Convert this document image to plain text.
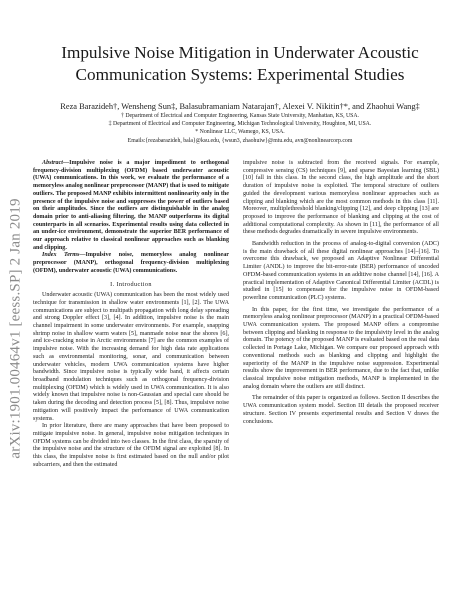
arXiv:1901.00464v1 [eess.SP] 2 Jan 2019
Impulsive Noise Mitigation in Underwater Acoustic
Communication Systems: Experimental Studies
Reza Barazideh†, Wensheng Sun‡, Balasubramaniam Natarajan†, Alexei V. Nikitin†*, and Zhaohui Wang‡
† Department of Electrical and Computer Engineering, Kansas State University, Manhattan, KS, USA.
‡ Department of Electrical and Computer Engineering, Michigan Technological University, Houghton, MI, USA.
* Nonlinear LLC, Wamego, KS, USA.
Emails:{rezabarazideh, bala}@ksu.edu, {wsun3, zhaohuiw}@mtu.edu, avn@nonlinearcorp.com

Abstract—Impulsive noise is a major impediment to orthogonal frequency-division multiplexing (OFDM) based underwater acoustic (UWA) communications. In this work, we evaluate the performance of a memoryless analog nonlinear preprocessor (MANP) that is used to mitigate outliers. The proposed MANP exhibits intermittent nonlinearity only in the presence of the impulsive noise and suppresses the power of outliers based on their amplitudes. Since the outliers are distinguishable in the analog domain prior to anti-aliasing filtering, the MANP outperforms its digital counterparts in all scenarios. Experimental results using data collected in an under-ice environment, demonstrate the superior BER performance of our approach relative to classical nonlinear approaches such as blanking and clipping.

Index Terms—Impulsive noise, memoryless analog nonlinear preprocessor (MANP), orthogonal frequency-division multiplexing (OFDM), underwater acoustic (UWA) communications.

I. Introduction

Underwater acoustic (UWA) communication has been the most widely used technique for transmission in shallow water environments [1], [2]. The UWA communications are subject to multipath propagation with long delay spreading and strong Doppler effect [3], [4]. In addition, impulsive noise is the main channel impairment in some underwater environments. For example, snapping shrimp noise in shallow warm waters [5], manmade noise near the shores [6], and ice-cracking noise in Arctic environments [7] are the common examples of impulsive noise. With the increasing demand for high data rate applications such as environmental monitoring, sonar, and communication between underwater vehicles, modern UWA communication systems have higher bandwidth. Since impulsive noise is typically wide band, it affects certain broadband modulation techniques such as orthogonal frequency-division multiplexing (OFDM) which is widely used in UWA communication. It is also widely known that impulsive noise is non-Gaussian and special care should be taken during the decoding and detection process [5], [8]. Thus, impulsive noise mitigation will positively impact the performance of UWA communication systems.

In prior literature, there are many approaches that have been proposed to mitigate impulsive noise. In general, impulsive noise mitigation techniques in OFDM systems can be divided into two classes. In the first class, the sparsity of the impulsive noise and the structure of the OFDM signal are exploited [8]. In this class, the impulsive noise is first estimated based on the null and/or pilot subcarriers, and then the estimated

impulsive noise is subtracted from the received signals. For example, compressive sensing (CS) techniques [9], and sparse Bayesian learning (SBL) [10] fall in this class. In the second class, the high amplitude and the short duration of impulsive noise is exploited. The temporal structure of outliers guided the development various memoryless nonlinear approaches such as clipping and blanking which are the most common methods in this class [11]. Moreover, multiplethreshold blanking/clipping [12], and deep clipping [13] are proposed to improve the performance of blanking and clipping at the cost of additional computational complexity. As shown in [11], the performance of all these methods degrades dramatically in severe impulsive environments.

Bandwidth reduction in the process of analog-to-digital conversion (ADC) is the main drawback of all these digital nonlinear approaches [14]–[16]. To overcome this drawback, we proposed an Adaptive Nonlinear Differential Limiter (ANDL) to improve the bit-error-rate (BER) performance of uncoded OFDM-based communication systems in an additive noise channel [14], [16]. A practical implementation of Adaptive Canonical Differential Limiter (ACDL) is studied in [15] to compensate for the impulsive noise in OFDM-based powerline communication (PLC) systems.

In this paper, for the first time, we investigate the performance of a memoryless analog nonlinear preprocessor (MANP) in a practical OFDM-based UWA communication system. The proposed MANP offers a compromise between clipping and blanking in response to the impulsivity level in the analog domain. The potency of the proposed MANP is evaluated based on the real data collected in Portage Lake, Michigan. We compare our proposed approach with conventional methods such as blanking and clipping and highlight the superiority of the MANP in the impulsive noise suppression. Experimental results show the improvement in BER performance, due to the fact that, unlike classical impulsive noise mitigation methods, MANP is implemented in the analog domain where the outliers are still distinct.

The remainder of this paper is organized as follows. Section II describes the UWA communication system model. Section III details the proposed receiver structure. Section IV presents experimental results and Section V draws the conclusions.
